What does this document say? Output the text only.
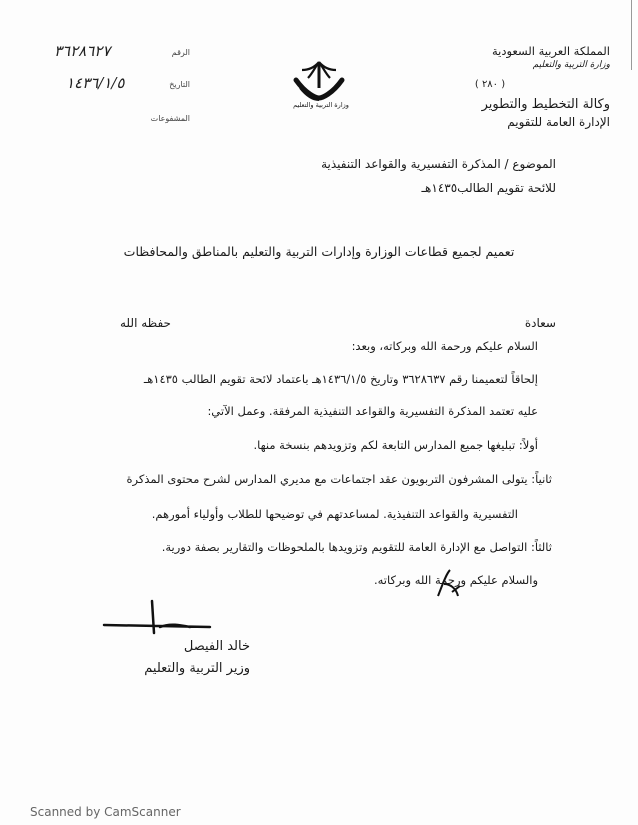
المملكة العربية السعودية
وزارة التربية والتعليم
( ٢٨٠ )
وكالة التخطيط والتطوير
الإدارة العامة للتقويم
وزارة التربية والتعليم
الرقم
٣٦٢٨٦٢٧
التاريخ
١٤٣٦/١/٥
المشفوعات
الموضوع / المذكرة التفسيرية والقواعد التنفيذية
للائحة تقويم الطالب١٤٣٥هـ
تعميم لجميع قطاعات الوزارة وإدارات التربية والتعليم بالمناطق والمحافظات
سعادة
حفظه الله
السلام عليكم ورحمة الله وبركاته، وبعد:
إلحاقاً لتعميمنا رقم ٣٦٢٨٦٣٧ وتاريخ ١٤٣٦/١/٥هـ باعتماد لائحة تقويم الطالب ١٤٣٥هـ
عليه تعتمد المذكرة التفسيرية والقواعد التنفيذية المرفقة. وعمل الآتي:
أولاً: تبليغها جميع المدارس التابعة لكم وتزويدهم بنسخة منها.
ثانياً: يتولى المشرفون التربويون عقد اجتماعات مع مديري المدارس لشرح محتوى المذكرة
التفسيرية والقواعد التنفيذية. لمساعدتهم في توضيحها للطلاب وأولياء أمورهم.
ثالثاً: التواصل مع الإدارة العامة للتقويم وتزويدها بالملحوظات والتقارير بصفة دورية.
والسلام عليكم ورحمة الله وبركاته.
خالد الفيصل
وزير التربية والتعليم
Scanned by CamScanner
